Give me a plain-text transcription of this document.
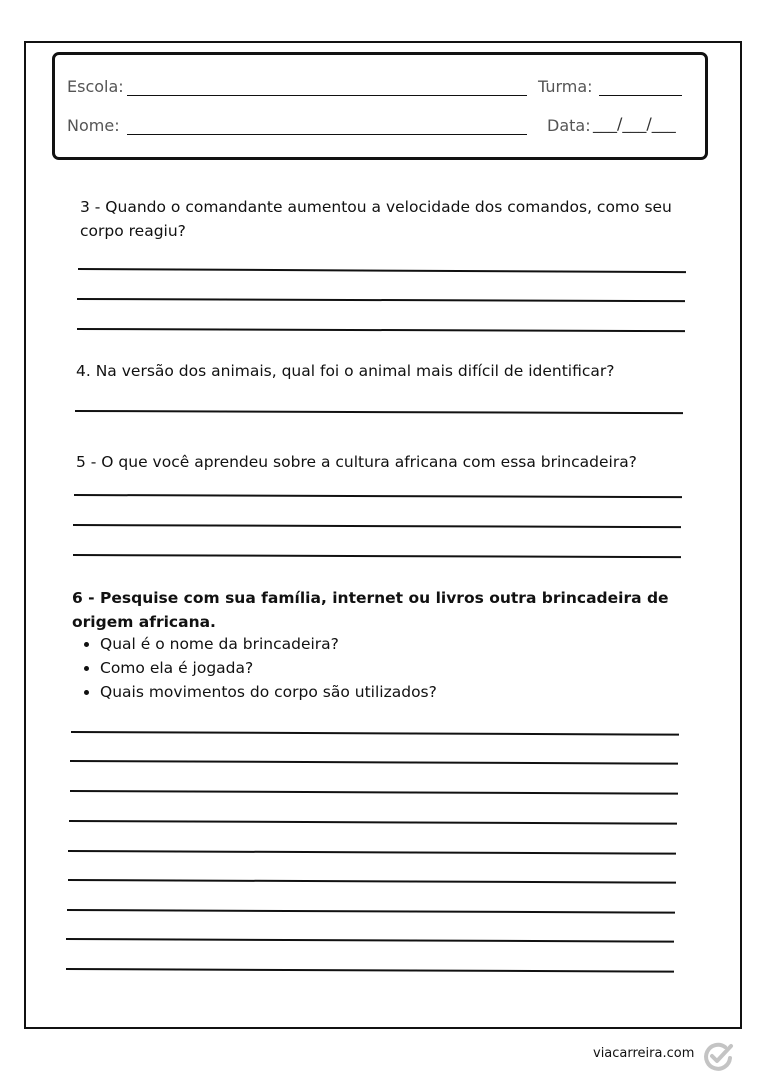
Escola:	Turma:
Nome:	Data: ___/___/___
3 - Quando o comandante aumentou a velocidade dos comandos, como seu corpo reagiu?
4. Na versão dos animais, qual foi o animal mais difícil de identificar?
5 - O que você aprendeu sobre a cultura africana com essa brincadeira?
6 - Pesquise com sua família, internet ou livros outra brincadeira de origem africana.
• Qual é o nome da brincadeira?
• Como ela é jogada?
• Quais movimentos do corpo são utilizados?
viacarreira.com
